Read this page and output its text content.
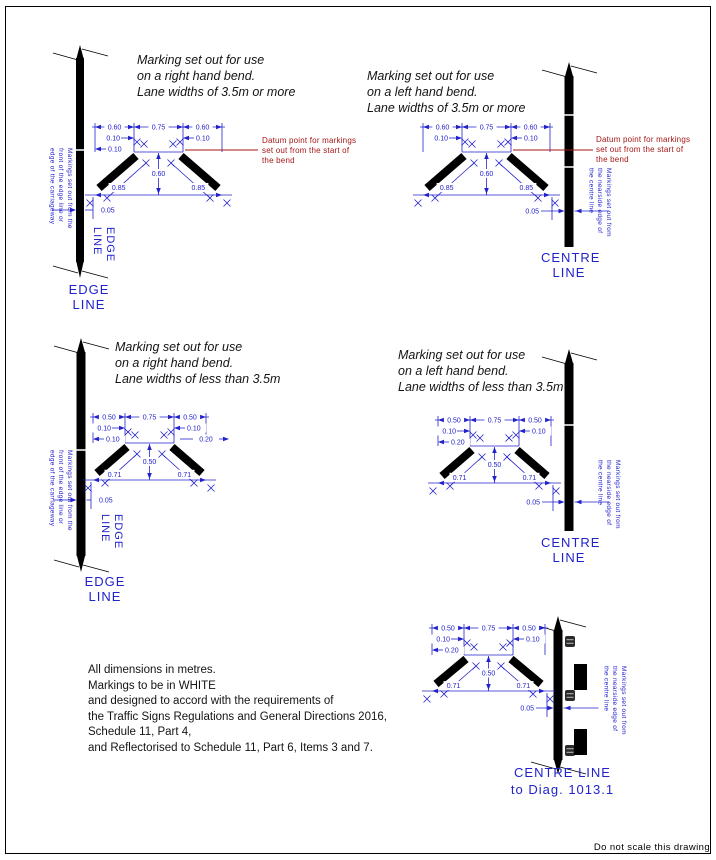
0.60	0.75	0.60
0.10
0.10
0.10
0.60
0.85	0.85
0.05
0.60	0.75	0.60
0.10	0.10
0.60
0.85	0.85
0.05
0.50	0.75	0.50
0.10
0.10
0.10
0.20
0.50
0.71	0.71
0.05
0.50	0.75	0.50
0.10
0.20
0.10
0.50
0.71	0.71
0.05
0.50	0.75	0.50
0.10
0.20
0.10
0.50
0.71	0.71
0.05
Marking set out for use
on a right hand bend.
Lane widths of 3.5m or more
Marking set out for use
on a left hand bend.
Lane widths of 3.5m or more
Marking set out for use
on a right hand bend.
Lane widths of less than 3.5m
Marking set out for use
on a left hand bend.
Lane widths of less than 3.5m
Datum point for markings
set out from the start of
the bend
Datum point for markings
set out from the start of
the bend
Markings set out from the
front of the edge line or
edge of the carriageway
Markings set out from the
front of the edge line or
edge of the carriageway
Markings set out from
the nearside edge of
the centre line
Markings set out from
the nearside edge of
the centre line
Markings set out from
the nearside edge of
the centre line
EDGE
LINE
EDGE
LINE
EDGE
LINE
CENTRE
LINE
EDGE
LINE
CENTRE
LINE
CENTRE LINE
to Diag. 1013.1
All dimensions in metres.
Markings to be in WHITE
and designed to accord with the requirements of
the Traffic Signs Regulations and General Directions 2016,
Schedule 11, Part 4,
and Reflectorised to Schedule 11, Part 6, Items 3 and 7.
Do not scale this drawing
